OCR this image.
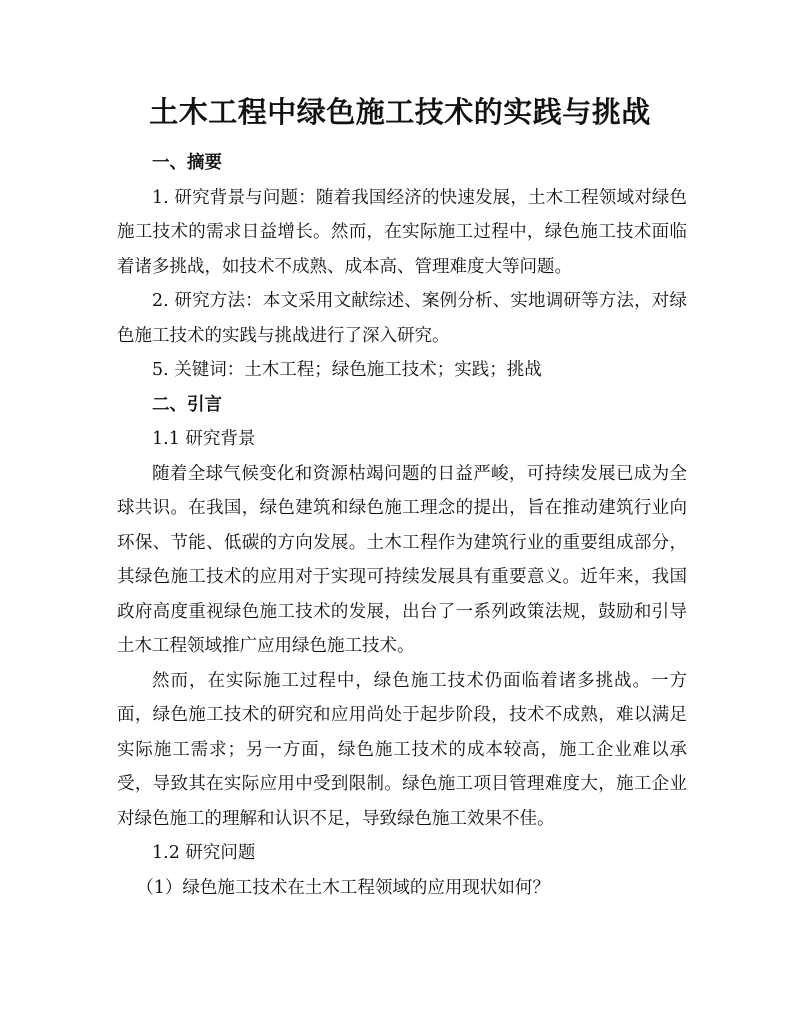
土木工程中绿色施工技术的实践与挑战

一、摘要

1. 研究背景与问题：随着我国经济的快速发展，土木工程领域对绿色施工技术的需求日益增长。然而，在实际施工过程中，绿色施工技术面临着诸多挑战，如技术不成熟、成本高、管理难度大等问题。

2. 研究方法：本文采用文献综述、案例分析、实地调研等方法，对绿色施工技术的实践与挑战进行了深入研究。

5. 关键词：土木工程；绿色施工技术；实践；挑战

二、引言

1.1 研究背景

随着全球气候变化和资源枯竭问题的日益严峻，可持续发展已成为全球共识。在我国，绿色建筑和绿色施工理念的提出，旨在推动建筑行业向环保、节能、低碳的方向发展。土木工程作为建筑行业的重要组成部分，其绿色施工技术的应用对于实现可持续发展具有重要意义。近年来，我国政府高度重视绿色施工技术的发展，出台了一系列政策法规，鼓励和引导土木工程领域推广应用绿色施工技术。

然而，在实际施工过程中，绿色施工技术仍面临着诸多挑战。一方面，绿色施工技术的研究和应用尚处于起步阶段，技术不成熟，难以满足实际施工需求；另一方面，绿色施工技术的成本较高，施工企业难以承受，导致其在实际应用中受到限制。绿色施工项目管理难度大，施工企业对绿色施工的理解和认识不足，导致绿色施工效果不佳。

1.2 研究问题

（1）绿色施工技术在土木工程领域的应用现状如何？
